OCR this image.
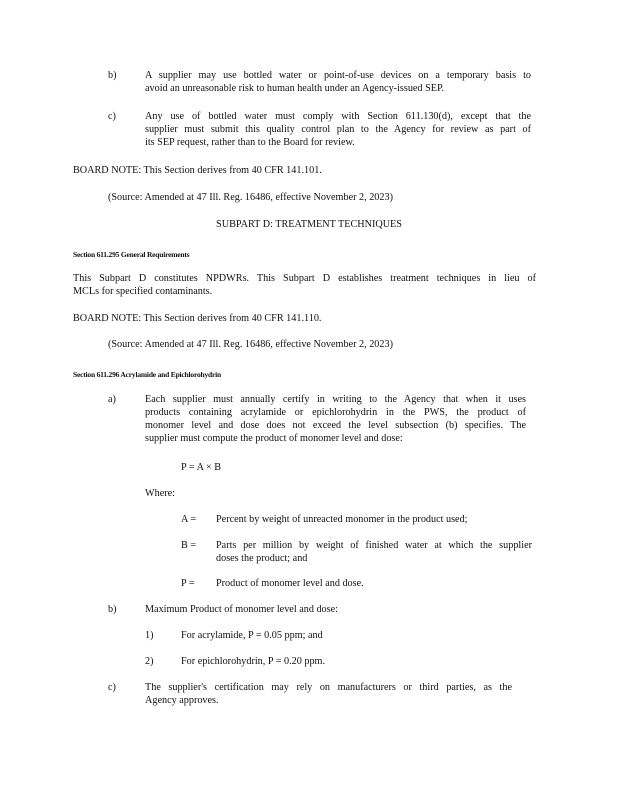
b)	A supplier may use bottled water or point-of-use devices on a temporary basis to
avoid an unreasonable risk to human health under an Agency-issued SEP.
c)	Any use of bottled water must comply with Section 611.130(d), except that the
supplier must submit this quality control plan to the Agency for review as part of
its SEP request, rather than to the Board for review.
BOARD NOTE: This Section derives from 40 CFR 141.101.
(Source: Amended at 47 Ill. Reg. 16486, effective November 2, 2023)
SUBPART D: TREATMENT TECHNIQUES
Section 611.295 General Requirements
This Subpart D constitutes NPDWRs. This Subpart D establishes treatment techniques in lieu of
MCLs for specified contaminants.
BOARD NOTE: This Section derives from 40 CFR 141.110.
(Source: Amended at 47 Ill. Reg. 16486, effective November 2, 2023)
Section 611.296 Acrylamide and Epichlorohydrin
a)	Each supplier must annually certify in writing to the Agency that when it uses
products containing acrylamide or epichlorohydrin in the PWS, the product of
monomer level and dose does not exceed the level subsection (b) specifies. The
supplier must compute the product of monomer level and dose:
P = A × B
Where:
A = Percent by weight of unreacted monomer in the product used;
B = Parts per million by weight of finished water at which the supplier
doses the product; and
P = Product of monomer level and dose.
b)	Maximum Product of monomer level and dose:
1)	For acrylamide, P = 0.05 ppm; and
2)	For epichlorohydrin, P = 0.20 ppm.
c)	The supplier's certification may rely on manufacturers or third parties, as the
Agency approves.
